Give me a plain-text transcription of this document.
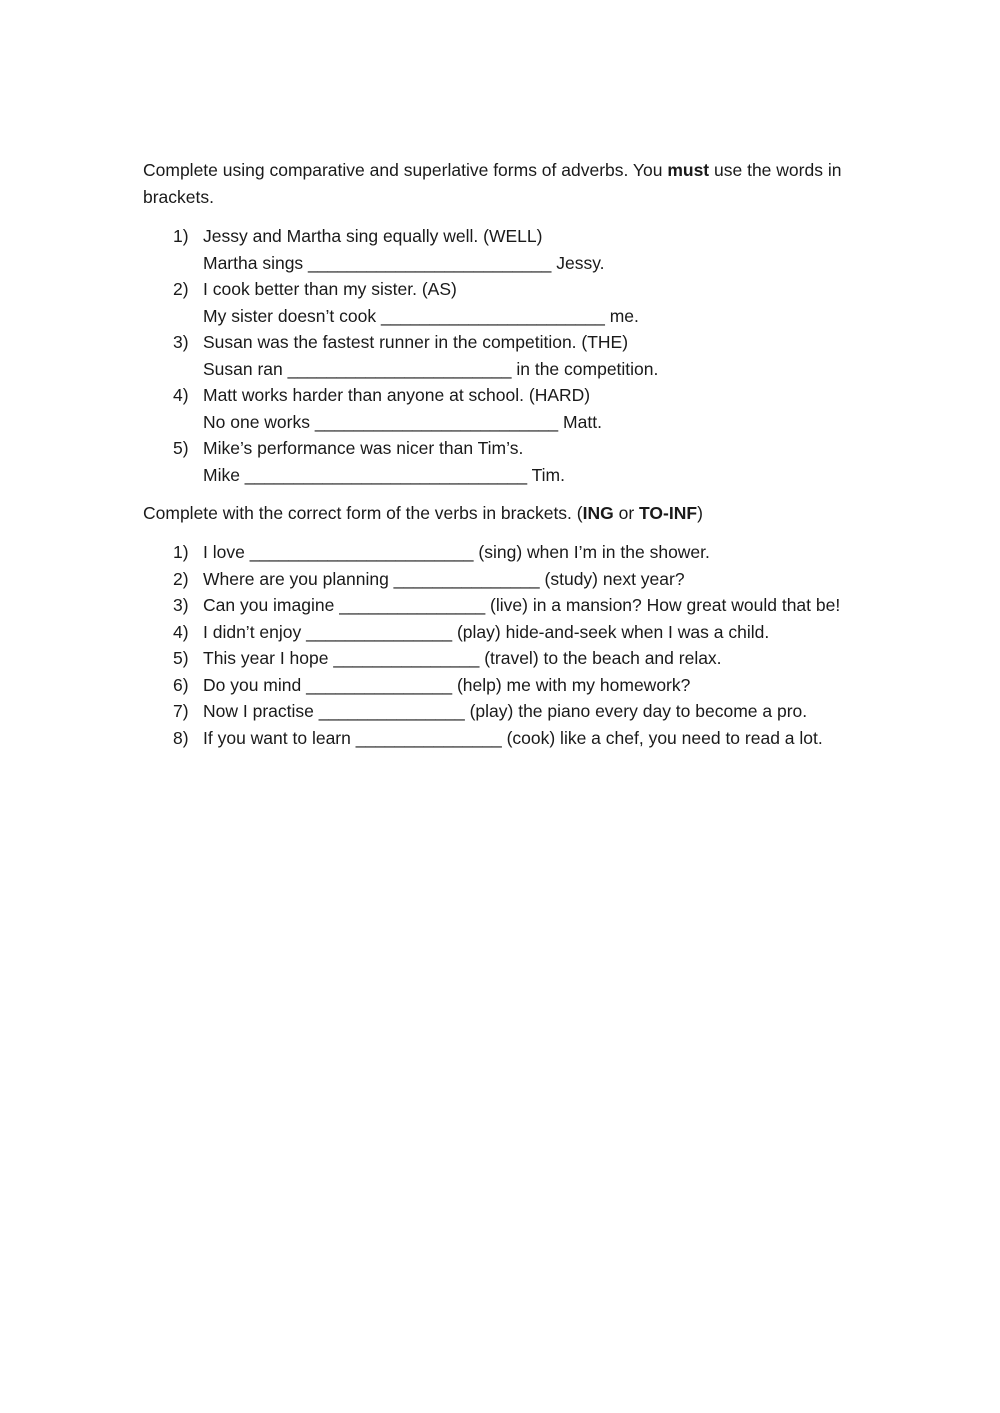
Complete using comparative and superlative forms of adverbs. You must use the words in brackets.

1) Jessy and Martha sing equally well. (WELL)
Martha sings _________________________ Jessy.
2) I cook better than my sister. (AS)
My sister doesn’t cook _______________________ me.
3) Susan was the fastest runner in the competition. (THE)
Susan ran _______________________ in the competition.
4) Matt works harder than anyone at school. (HARD)
No one works _________________________ Matt.
5) Mike’s performance was nicer than Tim’s.
Mike _____________________________ Tim.

Complete with the correct form of the verbs in brackets. (ING or TO-INF)

1) I love _______________________ (sing) when I’m in the shower.
2) Where are you planning _______________ (study) next year?
3) Can you imagine _______________ (live) in a mansion? How great would that be!
4) I didn’t enjoy _______________ (play) hide-and-seek when I was a child.
5) This year I hope _______________ (travel) to the beach and relax.
6) Do you mind _______________ (help) me with my homework?
7) Now I practise _______________ (play) the piano every day to become a pro.
8) If you want to learn _______________ (cook) like a chef, you need to read a lot.
